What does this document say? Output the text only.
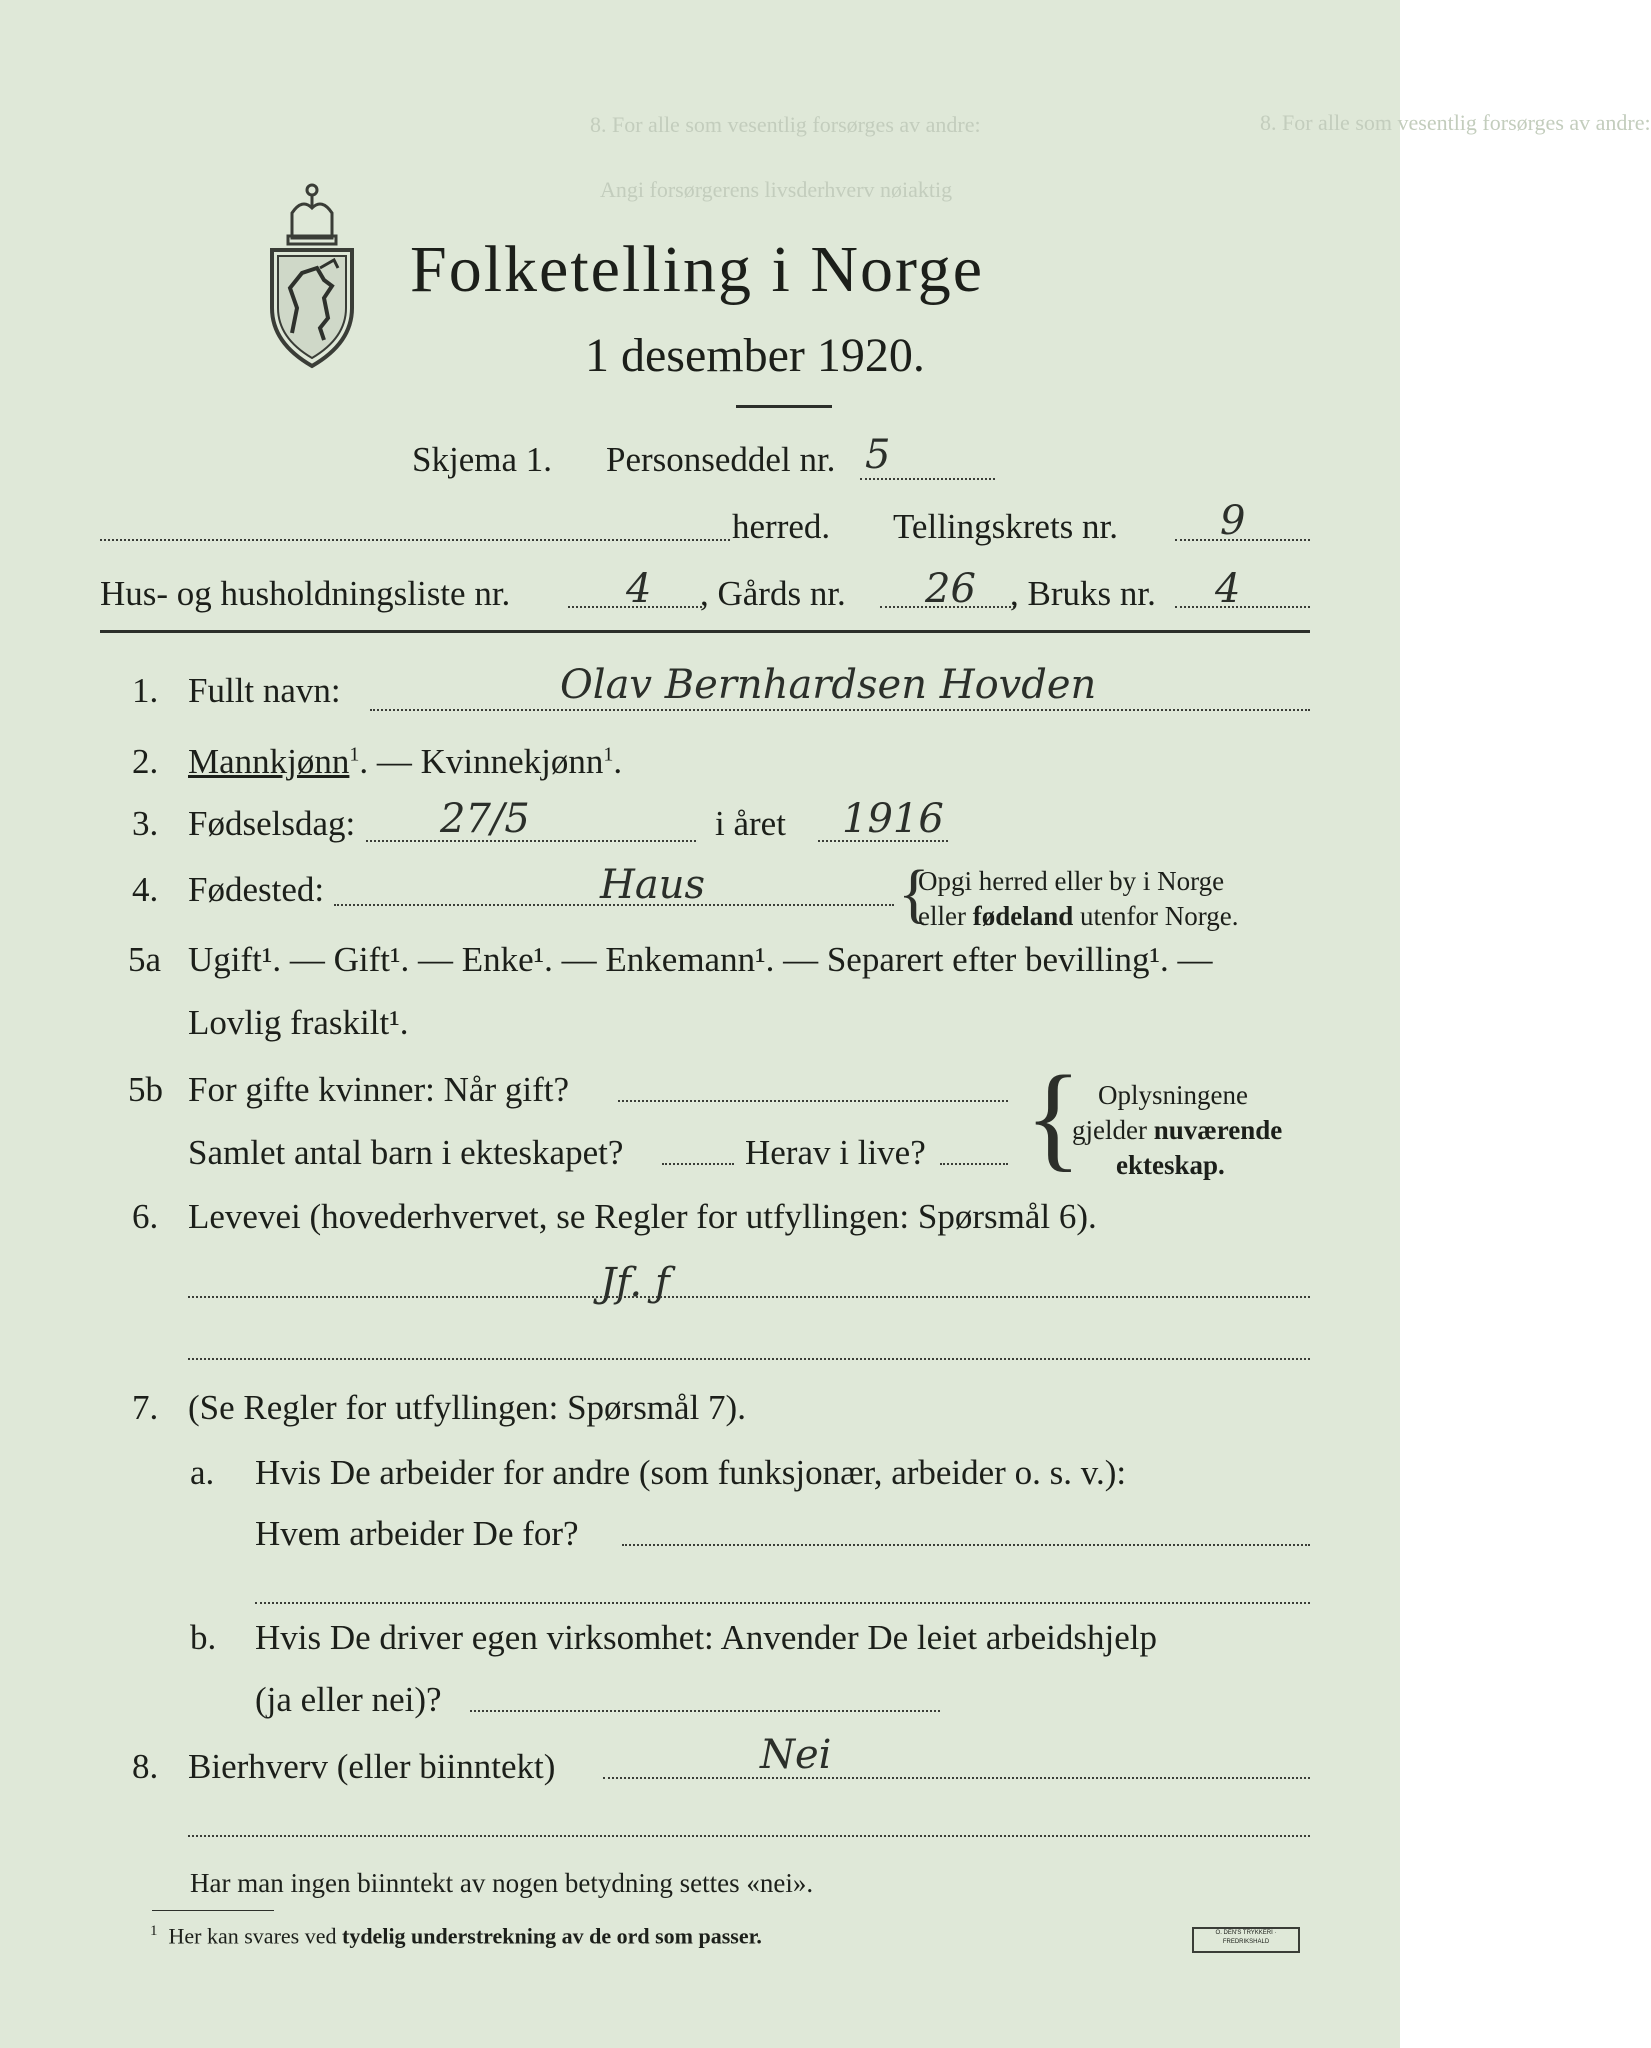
8. For alle som vesentlig forsørges av andre:
8. For alle som vesentlig forsørges av andre:
Angi forsørgerens livsderhverv nøiaktig
Folketelling i Norge
1 desember 1920.
Skjema 1. Personseddel nr. 5
herred. Tellingskrets nr.	9
Hus- og husholdningsliste nr.	4 , Gårds nr. 26 , Bruks nr. 4
1. Fullt navn:	Olav Bernhardsen Hovden
2. Mannkjønn$^1$. — Kvinnekjønn$^1$.
3. Fødselsdag: 27/5	i året 1916
4. Fødested:	Haus	{
Opgi herred eller by i Norge
eller fødeland utenfor Norge.
5a Ugift¹. — Gift¹. — Enke¹. — Enkemann¹. — Separert efter bevilling¹. —
Lovlig fraskilt¹.
5b For gifte kvinner: Når gift?
Samlet antal barn i ekteskapet?	Herav i live? { Oplysningene
gjelder nuværende
ekteskap.
6. Levevei (hovederhvervet, se Regler for utfyllingen: Spørsmål 6).
Jf. ƒ
7. (Se Regler for utfyllingen: Spørsmål 7).
a. Hvis De arbeider for andre (som funksjonær, arbeider o. s. v.):
Hvem arbeider De for?
b. Hvis De driver egen virksomhet: Anvender De leiet arbeidshjelp
(ja eller nei)?
8. Bierhverv (eller biinntekt)	Nei
Har man ingen biinntekt av nogen betydning settes «nei».
$^1$ Her kan svares ved tydelig understrekning av de ord som passer.	O. DEN'S TRYKKERI · FREDRIKSHALD
